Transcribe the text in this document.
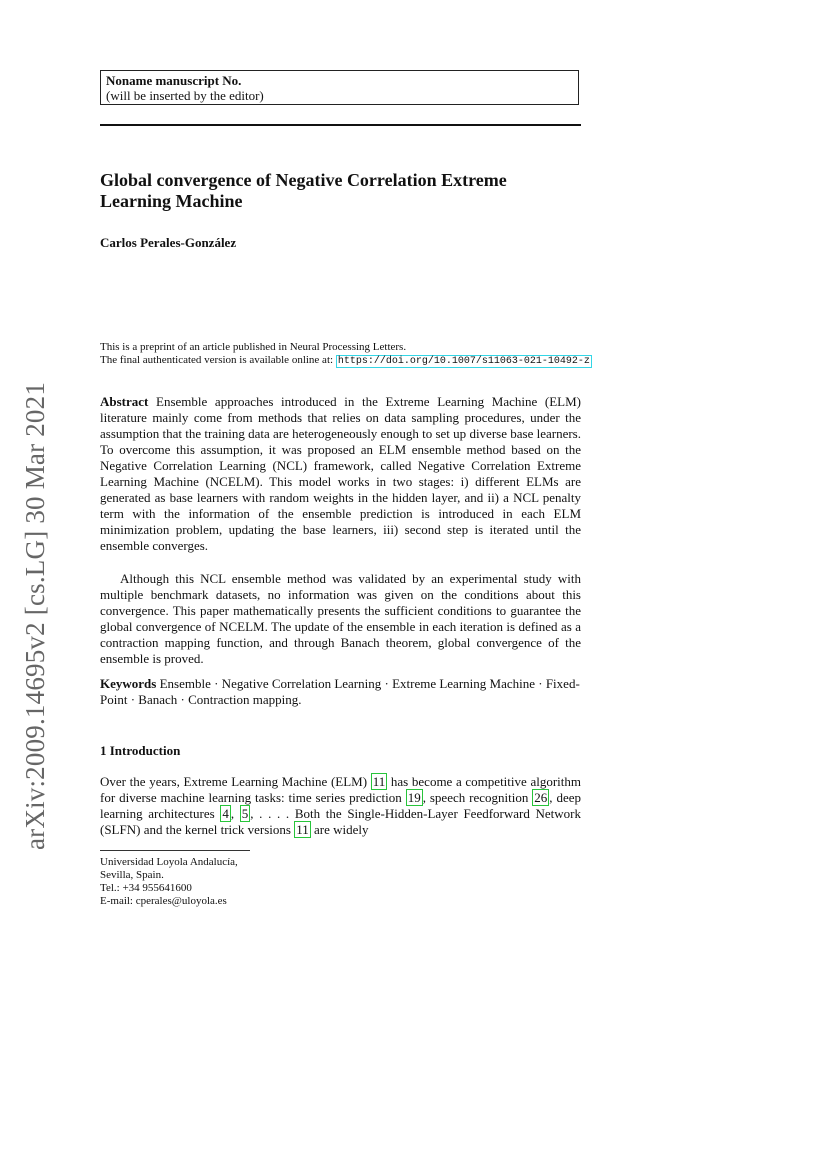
Noname manuscript No.
(will be inserted by the editor)
Global convergence of Negative Correlation Extreme
Learning Machine
Carlos Perales-González
This is a preprint of an article published in Neural Processing Letters.
The final authenticated version is available online at: https://doi.org/10.1007/s11063-021-10492-z
arXiv:2009.14695v2 [cs.LG] 30 Mar 2021	Abstract Ensemble approaches introduced in the Extreme Learning Machine (ELM) literature mainly come from methods that relies on data sampling procedures, under the assumption that the training data are heterogeneously enough to set up diverse base learners. To overcome this assumption, it was proposed an ELM ensemble method based on the Negative Correlation Learning (NCL) framework, called Negative Correlation Extreme Learning Machine (NCELM). This model works in two stages: i) different ELMs are generated as base learners with random weights in the hidden layer, and ii) a NCL penalty term with the information of the ensemble prediction is introduced in each ELM minimization problem, updating the base learners, iii) second step is iterated until the ensemble converges.
Although this NCL ensemble method was validated by an experimental study with multiple benchmark datasets, no information was given on the conditions about this convergence. This paper mathematically presents the sufficient conditions to guarantee the global convergence of NCELM. The update of the ensemble in each iteration is defined as a contraction mapping function, and through Banach theorem, global convergence of the ensemble is proved.
Keywords Ensemble · Negative Correlation Learning · Extreme Learning Machine · Fixed-Point · Banach · Contraction mapping.
1 Introduction
Over the years, Extreme Learning Machine (ELM) 11 has become a competitive algorithm for diverse machine learning tasks: time series prediction 19 , speech recognition 26 , deep learning architectures 4 , 5 , . . . . Both the Single-Hidden-Layer Feedforward Network (SLFN) and the kernel trick versions 11 are widely
Universidad Loyola Andalucía,
Sevilla, Spain.
Tel.: +34 955641600
E-mail: cperales@uloyola.es
